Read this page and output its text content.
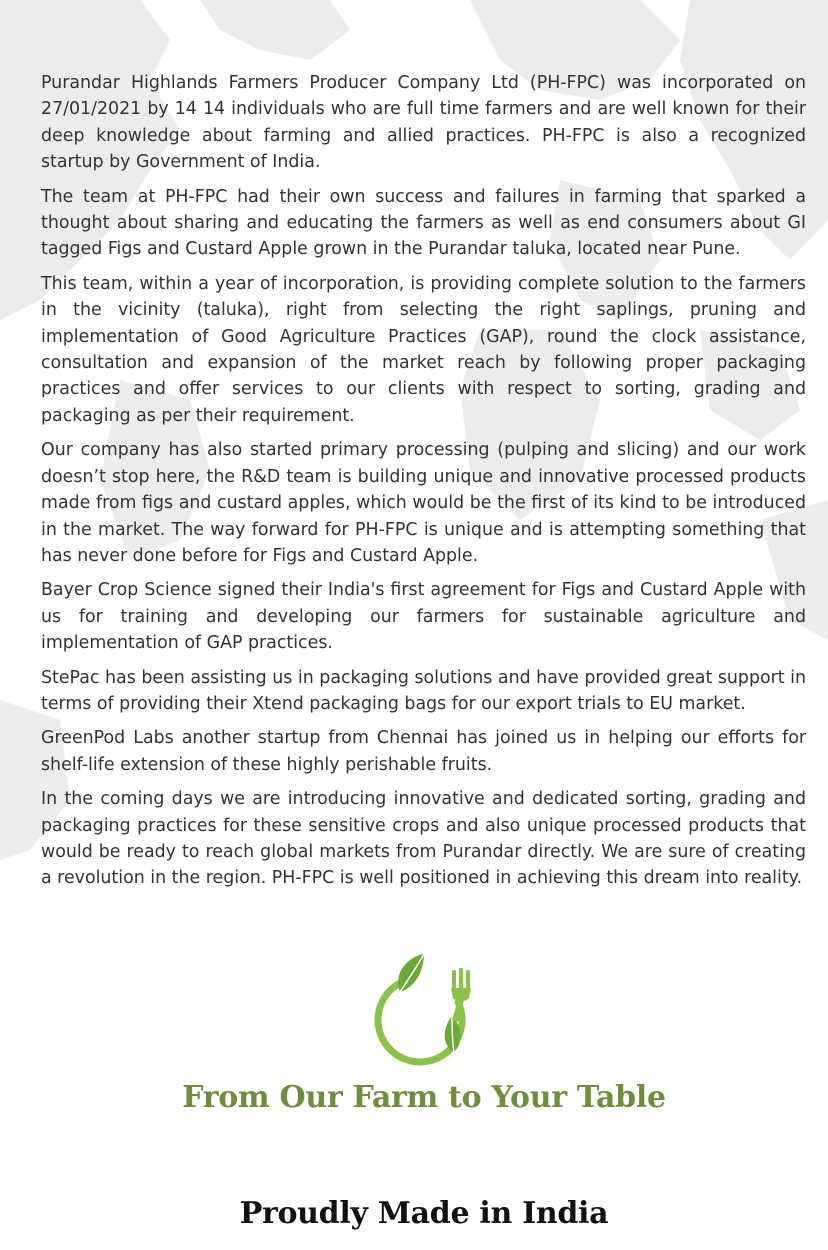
Purandar Highlands Farmers Producer Company Ltd (PH-FPC) was incorporated on 27/01/2021 by 14 14 individuals who are full time farmers and are well known for their deep knowledge about farming and allied practices. PH-FPC is also a recognized startup by Government of India.

The team at PH-FPC had their own success and failures in farming that sparked a thought about sharing and educating the farmers as well as end consumers about GI tagged Figs and Custard Apple grown in the Purandar taluka, located near Pune.

This team, within a year of incorporation, is providing complete solution to the farmers in the vicinity (taluka), right from selecting the right saplings, pruning and implementation of Good Agriculture Practices (GAP), round the clock assistance, consultation and expansion of the market reach by following proper packaging practices and offer services to our clients with respect to sorting, grading and packaging as per their requirement.

Our company has also started primary processing (pulping and slicing) and our work doesn’t stop here, the R&D team is building unique and innovative processed products made from figs and custard apples, which would be the first of its kind to be introduced in the market. The way forward for PH-FPC is unique and is attempting something that has never done before for Figs and Custard Apple.

Bayer Crop Science signed their India's first agreement for Figs and Custard Apple with us for training and developing our farmers for sustainable agriculture and implementation of GAP practices.

StePac has been assisting us in packaging solutions and have provided great support in terms of providing their Xtend packaging bags for our export trials to EU market.

GreenPod Labs another startup from Chennai has joined us in helping our efforts for shelf-life extension of these highly perishable fruits.

In the coming days we are introducing innovative and dedicated sorting, grading and packaging practices for these sensitive crops and also unique processed products that would be ready to reach global markets from Purandar directly. We are sure of creating a revolution in the region. PH-FPC is well positioned in achieving this dream into reality.

From Our Farm to Your Table
Proudly Made in India
